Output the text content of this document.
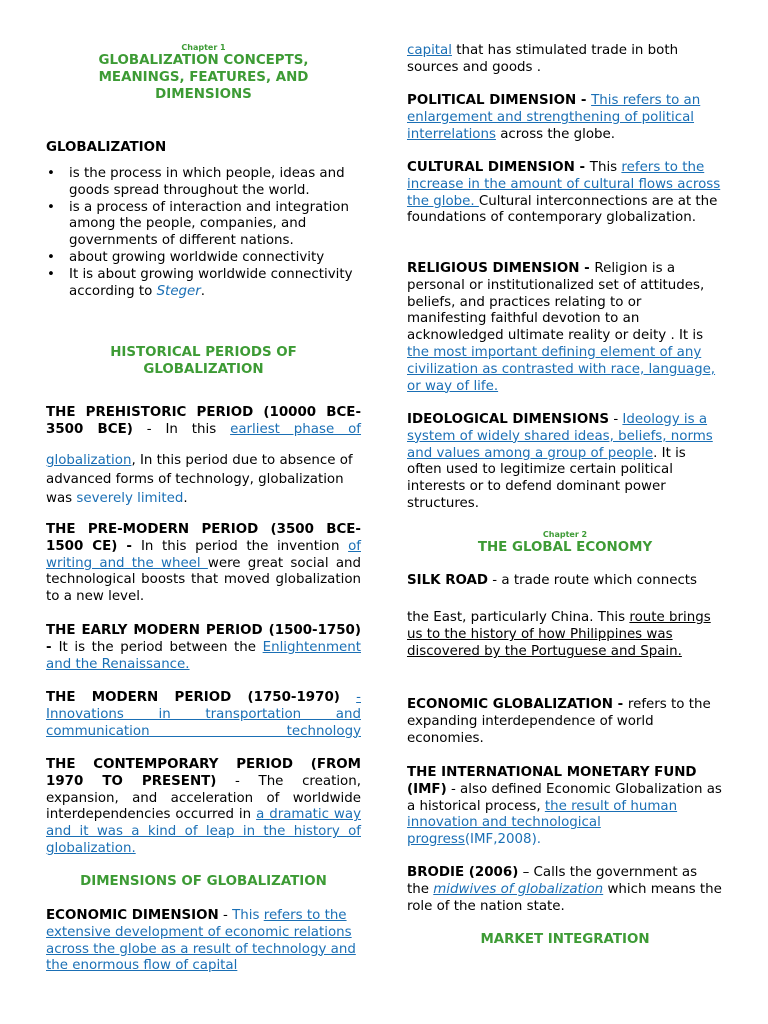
Chapter 1
GLOBALIZATION CONCEPTS, MEANINGS, FEATURES, AND DIMENSIONS
GLOBALIZATION
• is the process in which people, ideas and goods spread throughout the world.
• is a process of interaction and integration among the people, companies, and governments of different nations.
• about growing worldwide connectivity
• It is about growing worldwide connectivity according to Steger.
HISTORICAL PERIODS OF GLOBALIZATION
THE PREHISTORIC PERIOD (10000 BCE-3500 BCE) - In this earliest phase of
globalization, In this period due to absence of advanced forms of technology, globalization was severely limited.
THE PRE-MODERN PERIOD (3500 BCE-1500 CE) - In this period the invention of writing and the wheel were great social and technological boosts that moved globalization to a new level.
THE EARLY MODERN PERIOD (1500-1750) - It is the period between the Enlightenment and the Renaissance.
THE MODERN PERIOD (1750-1970) - Innovations in transportation and communication technology
THE CONTEMPORARY PERIOD (FROM 1970 TO PRESENT) - The creation, expansion, and acceleration of worldwide interdependencies occurred in a dramatic way and it was a kind of leap in the history of globalization.
DIMENSIONS OF GLOBALIZATION
ECONOMIC DIMENSION - This refers to the extensive development of economic relations across the globe as a result of technology and the enormous flow of capital
capital that has stimulated trade in both sources and goods .
POLITICAL DIMENSION - This refers to an enlargement and strengthening of political interrelations across the globe.
CULTURAL DIMENSION - This refers to the increase in the amount of cultural flows across the globe. Cultural interconnections are at the foundations of contemporary globalization.
RELIGIOUS DIMENSION - Religion is a personal or institutionalized set of attitudes, beliefs, and practices relating to or manifesting faithful devotion to an acknowledged ultimate reality or deity . It is the most important defining element of any civilization as contrasted with race, language, or way of life.
IDEOLOGICAL DIMENSIONS - Ideology is a system of widely shared ideas, beliefs, norms and values among a group of people. It is often used to legitimize certain political interests or to defend dominant power structures.
Chapter 2
THE GLOBAL ECONOMY
SILK ROAD - a trade route which connects
the East, particularly China. This route brings us to the history of how Philippines was discovered by the Portuguese and Spain.
ECONOMIC GLOBALIZATION - refers to the expanding interdependence of world economies.
THE INTERNATIONAL MONETARY FUND (IMF) - also defined Economic Globalization as a historical process, the result of human innovation and technological progress(IMF,2008).
BRODIE (2006) – Calls the government as the midwives of globalization which means the role of the nation state.
MARKET INTEGRATION
